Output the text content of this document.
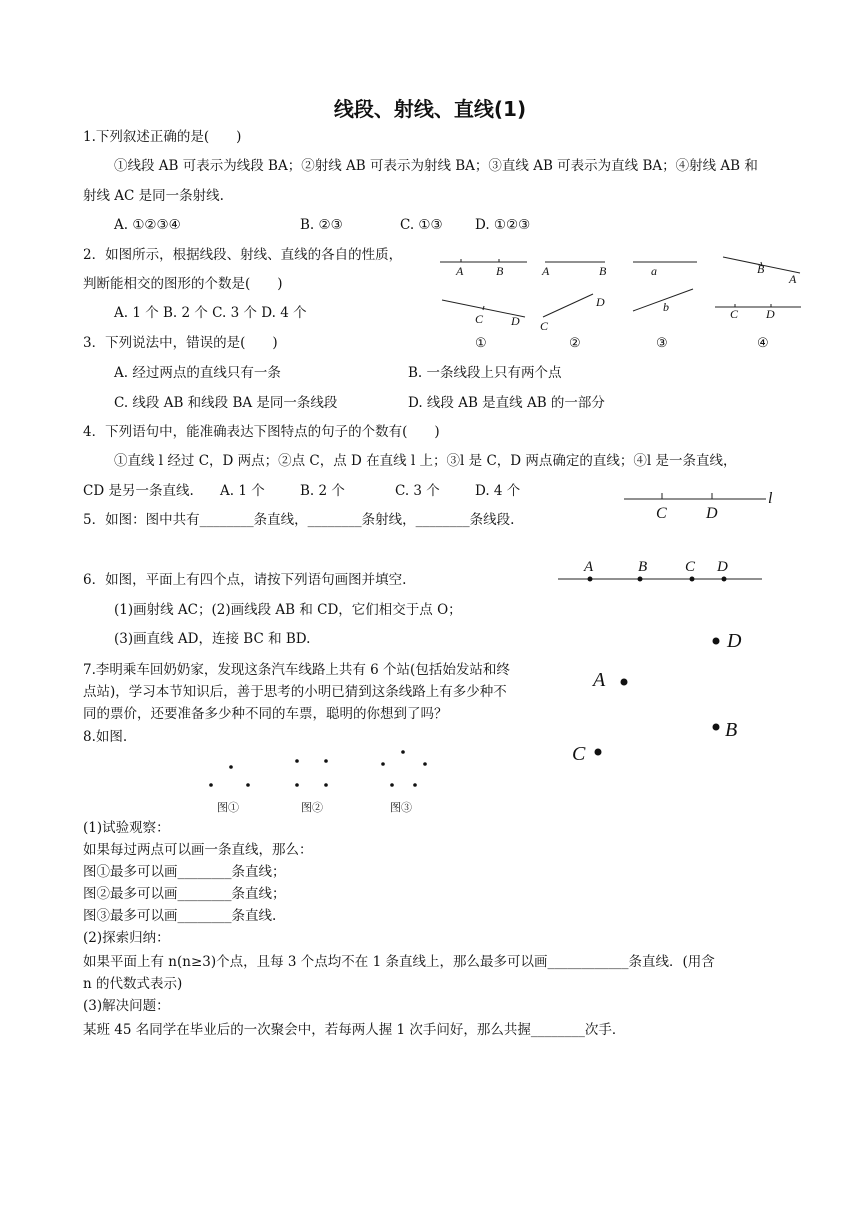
线段、射线、直线(1)
1.下列叙述正确的是(　　)
①线段 AB 可表示为线段 BA；②射线 AB 可表示为射线 BA；③直线 AB 可表示为直线 BA；④射线 AB 和
射线 AC 是同一条射线.
A. ①②③④	B. ②③	C. ①③ D. ①②③
2．如图所示，根据线段、射线、直线的各自的性质，
判断能相交的图形的个数是(　　)
A. 1 个 B. 2 个 C. 3 个 D. 4 个
A	B	A	B	a	B
A
C D
D
C
b	C D
①	②	③	④
3．下列说法中，错误的是(　　)
A. 经过两点的直线只有一条	B. 一条线段上只有两个点
C. 线段 AB 和线段 BA 是同一条线段	D. 线段 AB 是直线 AB 的一部分
4．下列语句中，能准确表达下图特点的句子的个数有(　　)
①直线 l 经过 C，D 两点；②点 C，点 D 在直线 l 上；③l 是 C，D 两点确定的直线；④l 是一条直线，
CD 是另一条直线. A. 1 个	B. 2 个	C. 3 个	D. 4 个
C D
l
5．如图：图中共有________条直线，________条射线，________条线段.
A	B	C D
6．如图，平面上有四个点，请按下列语句画图并填空.
(1)画射线 AC；(2)画线段 AB 和 CD，它们相交于点 O；
(3)画直线 AD，连接 BC 和 BD.	D
A
B
C
7.李明乘车回奶奶家，发现这条汽车线路上共有 6 个站(包括始发站和终
点站)，学习本节知识后，善于思考的小明已猜到这条线路上有多少种不
同的票价，还要准备多少种不同的车票，聪明的你想到了吗？
8.如图.
图①	图②	图③
(1)试验观察：
如果每过两点可以画一条直线，那么：
图①最多可以画________条直线；
图②最多可以画________条直线；
图③最多可以画________条直线.
(2)探索归纳：
如果平面上有 n(n≥3)个点，且每 3 个点均不在 1 条直线上，那么最多可以画____________条直线．(用含
n 的代数式表示)
(3)解决问题：
某班 45 名同学在毕业后的一次聚会中，若每两人握 1 次手问好，那么共握________次手．
